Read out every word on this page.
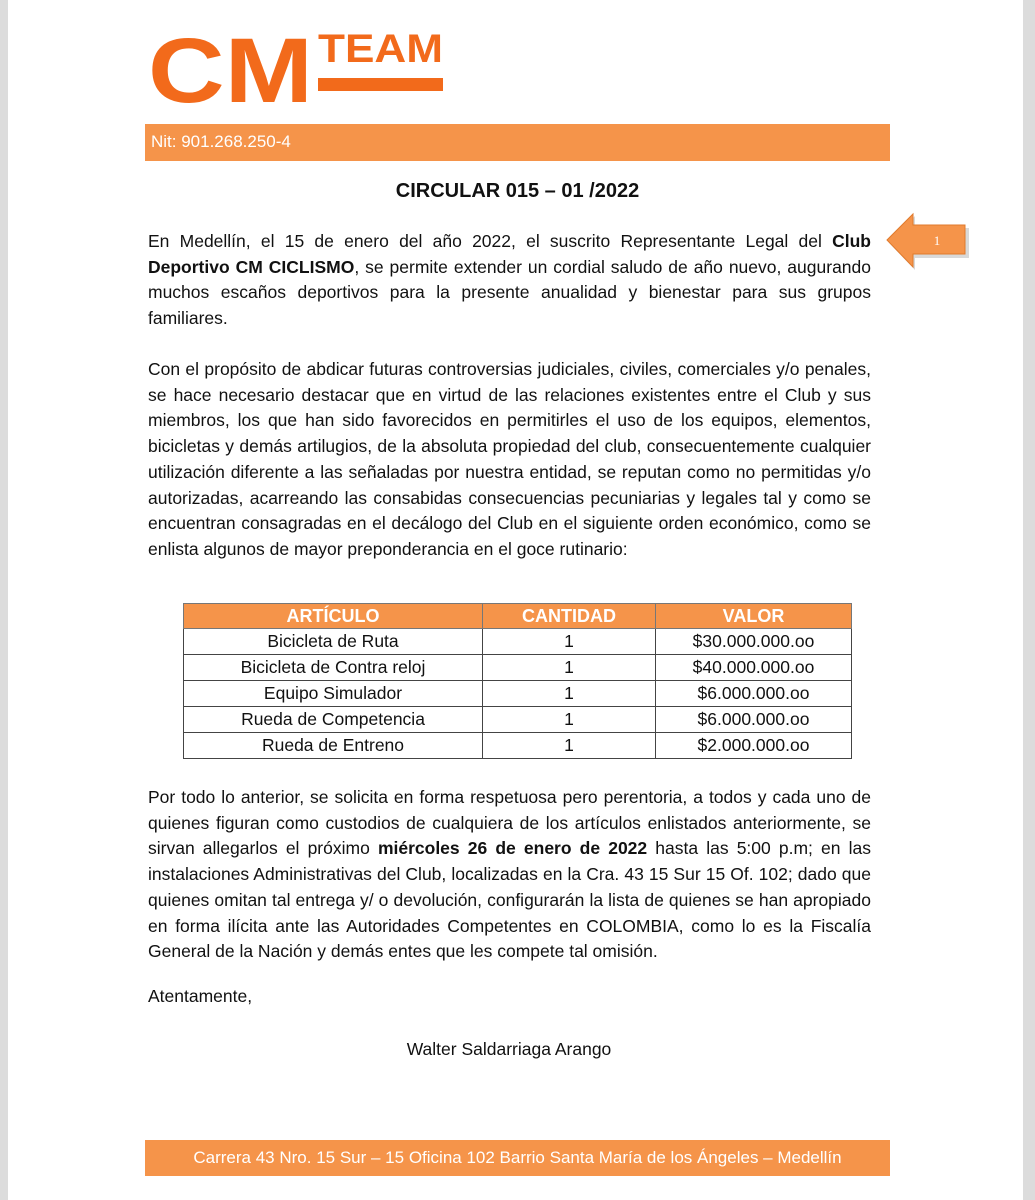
CM TEAM
Nit: 901.268.250-4
CIRCULAR 015 – 01 /2022

En Medellín, el 15 de enero del año 2022, el suscrito Representante Legal del Club Deportivo CM CICLISMO, se permite extender un cordial saludo de año nuevo, augurando muchos escaños deportivos para la presente anualidad y bienestar para sus grupos familiares.

1

Con el propósito de abdicar futuras controversias judiciales, civiles, comerciales y/o penales, se hace necesario destacar que en virtud de las relaciones existentes entre el Club y sus miembros, los que han sido favorecidos en permitirles el uso de los equipos, elementos, bicicletas y demás artilugios, de la absoluta propiedad del club, consecuentemente cualquier utilización diferente a las señaladas por nuestra entidad, se reputan como no permitidas y/o autorizadas, acarreando las consabidas consecuencias pecuniarias y legales tal y como se encuentran consagradas en el decálogo del Club en el siguiente orden económico, como se enlista algunos de mayor preponderancia en el goce rutinario:

ARTÍCULO	CANTIDAD	VALOR
Bicicleta de Ruta	1	$30.000.000.oo
Bicicleta de Contra reloj	1	$40.000.000.oo
Equipo Simulador	1	$6.000.000.oo
Rueda de Competencia	1	$6.000.000.oo
Rueda de Entreno	1	$2.000.000.oo

Por todo lo anterior, se solicita en forma respetuosa pero perentoria, a todos y cada uno de quienes figuran como custodios de cualquiera de los artículos enlistados anteriormente, se sirvan allegarlos el próximo miércoles 26 de enero de 2022 hasta las 5:00 p.m; en las instalaciones Administrativas del Club, localizadas en la Cra. 43 15 Sur 15 Of. 102; dado que quienes omitan tal entrega y/ o devolución, configurarán la lista de quienes se han apropiado en forma ilícita ante las Autoridades Competentes en COLOMBIA, como lo es la Fiscalía General de la Nación y demás entes que les compete tal omisión.

Atentamente,
Walter Saldarriaga Arango
Carrera 43 Nro. 15 Sur – 15 Oficina 102 Barrio Santa María de los Ángeles – Medellín
